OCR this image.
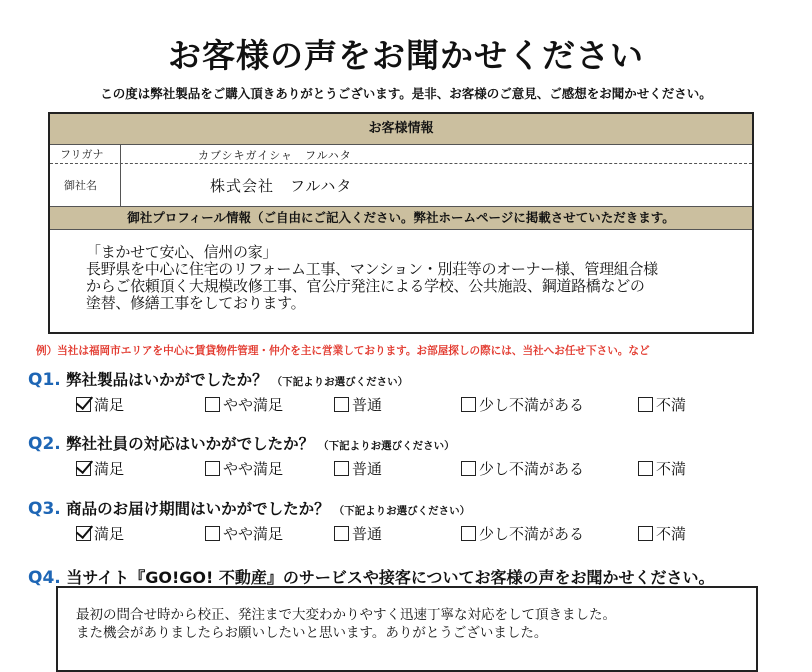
お客様の声をお聞かせください
この度は弊社製品をご購入頂きありがとうございます。是非、お客様のご意見、ご感想をお聞かせください。
お客様情報
フリガナ	カブシキガイシャ　フルハタ
御社名	株式会社　フルハタ
御社プロフィール情報（ご自由にご記入ください。弊社ホームページに掲載させていただきます。
「まかせて安心、信州の家」
長野県を中心に住宅のリフォーム工事、マンション・別荘等のオーナー様、管理組合様
からご依頼頂く大規模改修工事、官公庁発注による学校、公共施設、鋼道路橋などの
塗替、修繕工事をしております。
例）当社は福岡市エリアを中心に賃貸物件管理・仲介を主に営業しております。お部屋探しの際には、当社へお任せ下さい。など
Q1. 弊社製品はいかがでしたか？ （下記よりお選びください）
満足	やや満足	普通	少し不満がある	不満
Q2. 弊社社員の対応はいかがでしたか？ （下記よりお選びください）
満足	やや満足	普通	少し不満がある	不満
Q3. 商品のお届け期間はいかがでしたか？ （下記よりお選びください）
満足	やや満足	普通	少し不満がある	不満
Q4. 当サイト『GO!GO! 不動産』のサービスや接客についてお客様の声をお聞かせください。
最初の問合せ時から校正、発注まで大変わかりやすく迅速丁寧な対応をして頂きました。
また機会がありましたらお願いしたいと思います。ありがとうございました。
